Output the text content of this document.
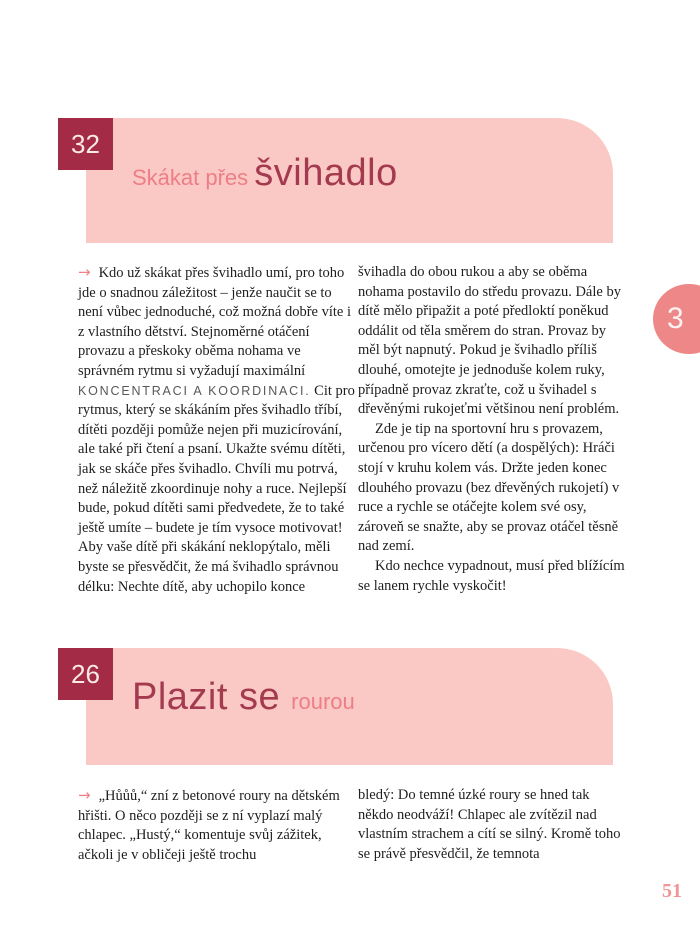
32
Skákat přes švihadlo

→ Kdo už skákat přes švihadlo umí, pro toho jde o snadnou záležitost – jenže naučit se to není vůbec jednoduché, což možná dobře víte i z vlastního dětství. Stejnoměrné otáčení provazu a přeskoky oběma nohama ve správném rytmu si vyžadují maximální KONCENTRACI A KOORDINACI. Cit pro rytmus, který se skákáním přes švihadlo tříbí, dítěti později pomůže nejen při muzicírování, ale také při čtení a psaní. Ukažte svému dítěti, jak se skáče přes švihadlo. Chvíli mu potrvá, než náležitě zkoordinuje nohy a ruce. Nejlepší bude, pokud dítěti sami předvedete, že to také ještě umíte – budete je tím vysoce motivovat! Aby vaše dítě při skákání neklopýtalo, měli byste se přesvědčit, že má švihadlo správnou délku: Nechte dítě, aby uchopilo konce

švihadla do obou rukou a aby se oběma nohama postavilo do středu provazu. Dále by dítě mělo připažit a poté předloktí poněkud oddálit od těla směrem do stran. Provaz by měl být napnutý. Pokud je švihadlo příliš dlouhé, omotejte je jednoduše kolem ruky, případně provaz zkraťte, což u švihadel s dřevěnými rukojeťmi většinou není problém.

Zde je tip na sportovní hru s provazem, určenou pro vícero dětí (a dospělých): Hráči stojí v kruhu kolem vás. Držte jeden konec dlouhého provazu (bez dřevěných rukojetí) v ruce a rychle se otáčejte kolem své osy, zároveň se snažte, aby se provaz otáčel těsně nad zemí.

Kdo nechce vypadnout, musí před blížícím se lanem rychle vyskočit!

3
26
Plazit se rourou

→ „Hůůů,“ zní z betonové roury na dětském hřišti. O něco později se z ní vyplazí malý chlapec. „Hustý,“ komentuje svůj zážitek, ačkoli je v obličeji ještě trochu

bledý: Do temné úzké roury se hned tak někdo neodváží! Chlapec ale zvítězil nad vlastním strachem a cítí se silný. Kromě toho se právě přesvědčil, že temnota

51
